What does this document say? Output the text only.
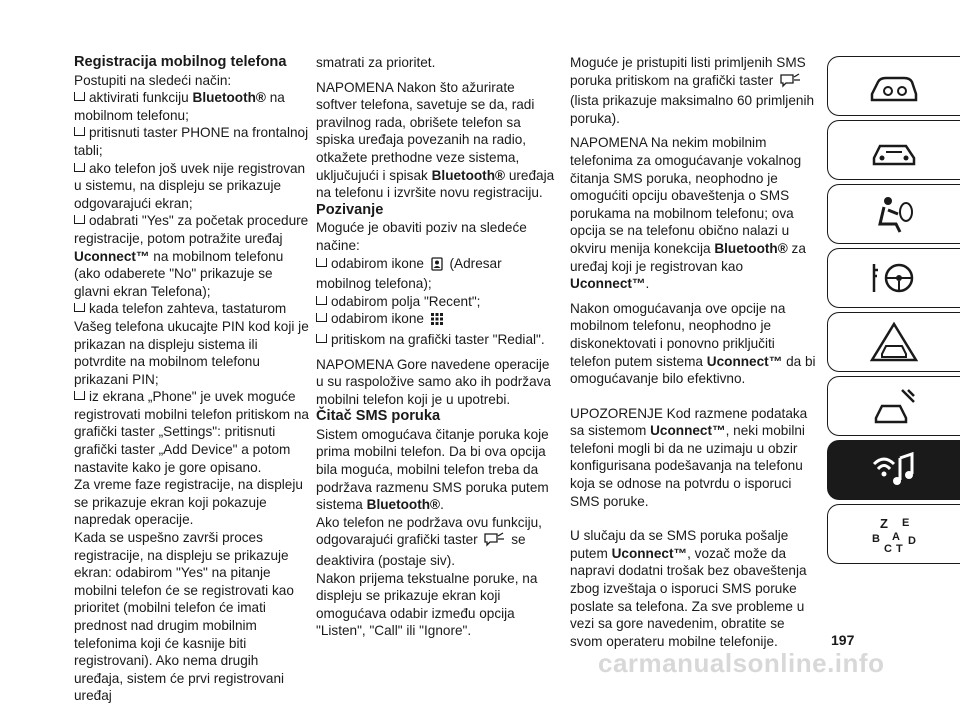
Registracija mobilnog telefona

Postupiti na sledeći način:

aktivirati funkciju Bluetooth® na mobilnom telefonu;

pritisnuti taster PHONE na frontalnoj tabli;

ako telefon još uvek nije registrovan u sistemu, na displeju se prikazuje odgovarajući ekran;

odabrati "Yes" za početak procedure registracije, potom potražite uređaj Uconnect™ na mobilnom telefonu (ako odaberete "No" prikazuje se glavni ekran Telefona);

kada telefon zahteva, tastaturom Vašeg telefona ukucajte PIN kod koji je prikazan na displeju sistema ili potvrdite na mobilnom telefonu prikazani PIN;

iz ekrana „Phone" je uvek moguće registrovati mobilni telefon pritiskom na grafički taster „Settings": pritisnuti grafički taster „Add Device" a potom nastavite kako je gore opisano.

Za vreme faze registracije, na displeju se prikazuje ekran koji pokazuje napredak operacije.

Kada se uspešno završi proces registracije, na displeju se prikazuje ekran: odabirom "Yes" na pitanje mobilni telefon će se registrovati kao prioritet (mobilni telefon će imati prednost nad drugim mobilnim telefonima koji će kasnije biti registrovani). Ako nema drugih uređaja, sistem će prvi registrovani uređaj

smatrati za prioritet.

NAPOMENA Nakon što ažurirate softver telefona, savetuje se da, radi pravilnog rada, obrišete telefon sa spiska uređaja povezanih na radio, otkažete prethodne veze sistema, uključujući i spisak Bluetooth® uređaja na telefonu i izvršite novu registraciju.

Pozivanje

Moguće je obaviti poziv na sledeće načine:

odabirom ikone  (Adresar mobilnog telefona);

odabirom polja "Recent";

odabirom ikone

pritiskom na grafički taster "Redial".

NAPOMENA Gore navedene operacije u su raspoložive samo ako ih podržava mobilni telefon koji je u upotrebi.

Čitač SMS poruka

Sistem omogućava čitanje poruka koje prima mobilni telefon. Da bi ova opcija bila moguća, mobilni telefon treba da podržava razmenu SMS poruka putem sistema Bluetooth®.

Ako telefon ne podržava ovu funkciju, odgovarajući grafički taster  se deaktivira (postaje siv).

Nakon prijema tekstualne poruke, na displeju se prikazuje ekran koji omogućava odabir između opcija "Listen", "Call" ili "Ignore".

Moguće je pristupiti listi primljenih SMS poruka pritiskom na grafički taster  (lista prikazuje maksimalno 60 primljenih poruka).

NAPOMENA Na nekim mobilnim telefonima za omogućavanje vokalnog čitanja SMS poruka, neophodno je omogućiti opciju obaveštenja o SMS porukama na mobilnom telefonu; ova opcija se na telefonu obično nalazi u okviru menija konekcija Bluetooth® za uređaj koji je registrovan kao Uconnect™.

Nakon omogućavanja ove opcije na mobilnom telefonu, neophodno je diskonektovati i ponovno priključiti telefon putem sistema Uconnect™ da bi omogućavanje bilo efektivno.

UPOZORENJE Kod razmene podataka sa sistemom Uconnect™, neki mobilni telefoni mogli bi da ne uzimaju u obzir konfigurisana podešavanja na telefonu koja se odnose na potvrdu o isporuci SMS poruke.

U slučaju da se SMS poruka pošalje putem Uconnect™, vozač može da napravi dodatni trošak bez obaveštenja zbog izveštaja o isporuci SMS poruke poslate sa telefona. Za sve probleme u vezi sa gore navedenim, obratite se svom operateru mobilne telefonije.

Z E
B
C T
D
A
197
carmanualsonline.info
